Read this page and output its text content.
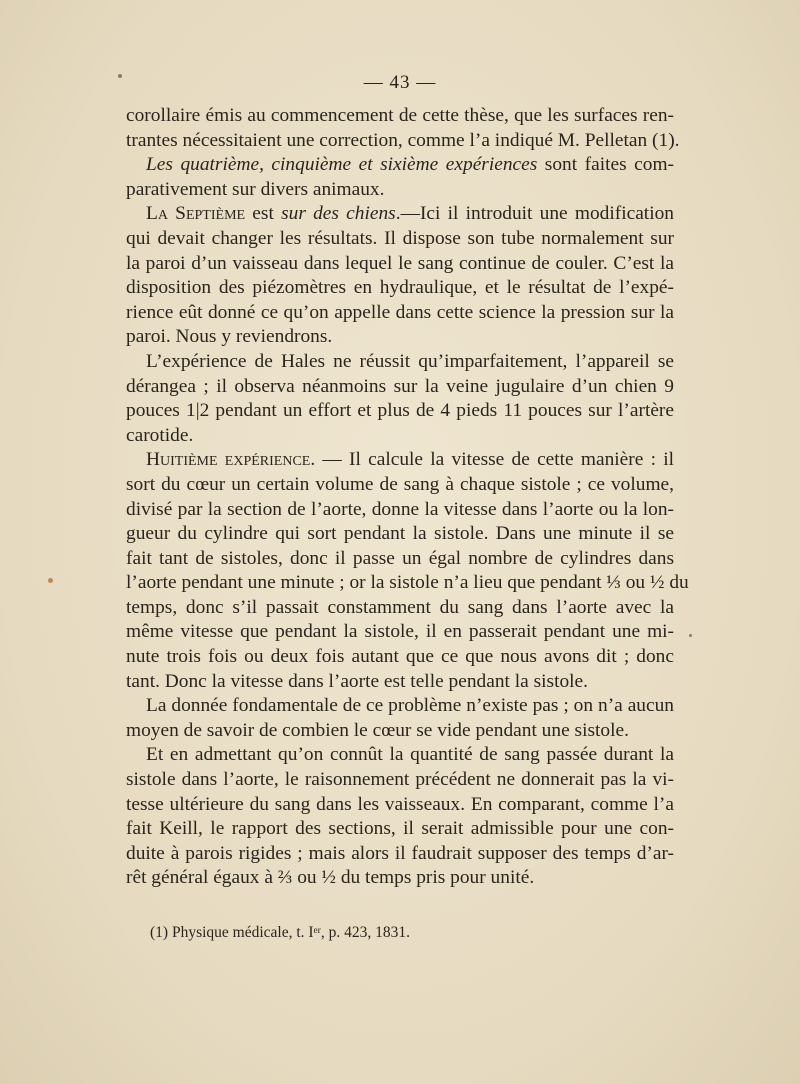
— 43 —
corollaire émis au commencement de cette thèse, que les surfaces ren-
trantes nécessitaient une correction, comme l’a indiqué M. Pelletan (1).
Les quatrième, cinquième et sixième expériences sont faites com-
parativement sur divers animaux.
La Septième est sur des chiens.—Ici il introduit une modification
qui devait changer les résultats. Il dispose son tube normalement sur
la paroi d’un vaisseau dans lequel le sang continue de couler. C’est la
disposition des piézomètres en hydraulique, et le résultat de l’expé-
rience eût donné ce qu’on appelle dans cette science la pression sur la
paroi. Nous y reviendrons.
L’expérience de Hales ne réussit qu’imparfaitement, l’appareil se
dérangea ; il observa néanmoins sur la veine jugulaire d’un chien 9
pouces 1|2 pendant un effort et plus de 4 pieds 11 pouces sur l’artère
carotide.
Huitième expérience. — Il calcule la vitesse de cette manière : il
sort du cœur un certain volume de sang à chaque sistole ; ce volume,
divisé par la section de l’aorte, donne la vitesse dans l’aorte ou la lon-
gueur du cylindre qui sort pendant la sistole. Dans une minute il se
fait tant de sistoles, donc il passe un égal nombre de cylindres dans
l’aorte pendant une minute ; or la sistole n’a lieu que pendant ⅓ ou ½ du
temps, donc s’il passait constamment du sang dans l’aorte avec la
même vitesse que pendant la sistole, il en passerait pendant une mi-
nute trois fois ou deux fois autant que ce que nous avons dit ; donc
tant. Donc la vitesse dans l’aorte est telle pendant la sistole.
La donnée fondamentale de ce problème n’existe pas ; on n’a aucun
moyen de savoir de combien le cœur se vide pendant une sistole.
Et en admettant qu’on connût la quantité de sang passée durant la
sistole dans l’aorte, le raisonnement précédent ne donnerait pas la vi-
tesse ultérieure du sang dans les vaisseaux. En comparant, comme l’a
fait Keill, le rapport des sections, il serait admissible pour une con-
duite à parois rigides ; mais alors il faudrait supposer des temps d’ar-
rêt général égaux à ⅔ ou ½ du temps pris pour unité.
(1) Physique médicale, t. Iᵉʳ, p. 423, 1831.
